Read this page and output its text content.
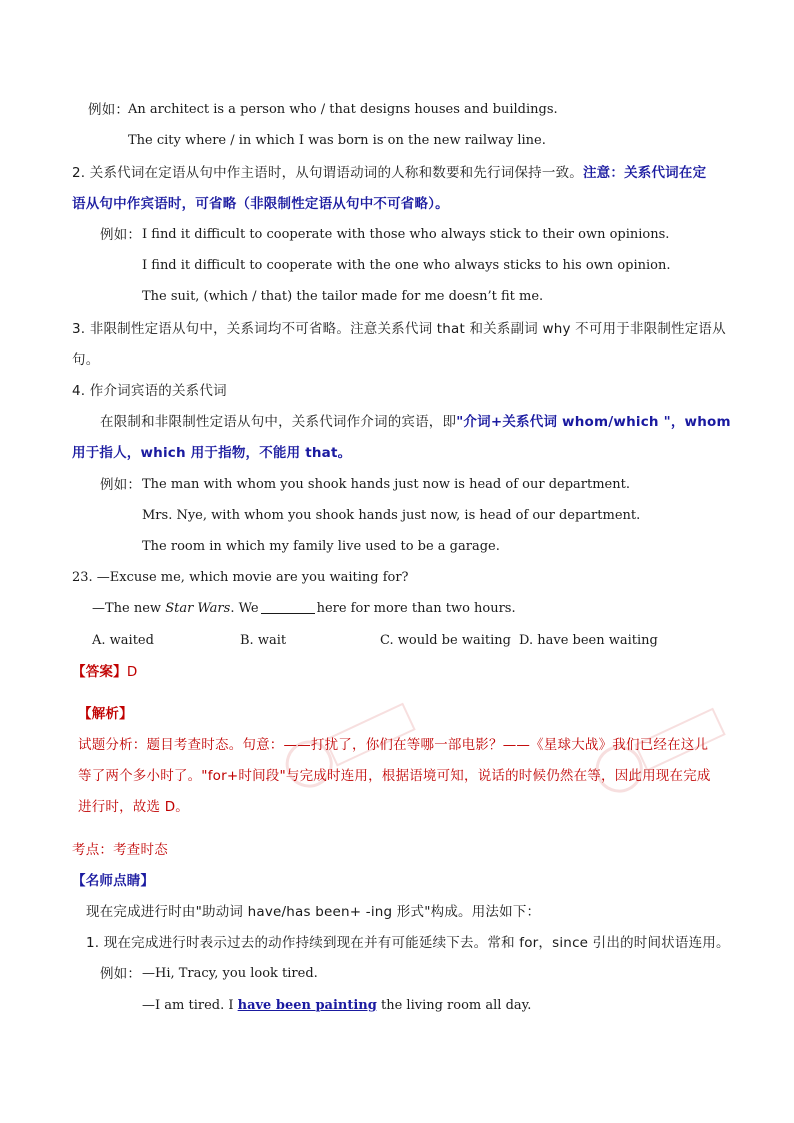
例如：
An architect is a person who / that designs houses and buildings.
The city where / in which I was born is on the new railway line.
2. 关系代词在定语从句中作主语时，从句谓语动词的人称和数要和先行词保持一致。注意：关系代词在定
语从句中作宾语时，可省略（非限制性定语从句中不可省略）。
例如： I find it difficult to cooperate with those who always stick to their own opinions.
I find it difficult to cooperate with the one who always sticks to his own opinion.
The suit, (which / that) the tailor made for me doesn’t fit me.
3. 非限制性定语从句中，关系词均不可省略。注意关系代词 that 和关系副词 why 不可用于非限制性定语从
句。
4. 作介词宾语的关系代词
在限制和非限制性定语从句中，关系代词作介词的宾语，即"介词+关系代词 whom/which "，whom
用于指人，which 用于指物，不能用 that。
例如： The man with whom you shook hands just now is head of our department.
Mrs. Nye, with whom you shook hands just now, is head of our department.
The room in which my family live used to be a garage.
23. —Excuse me, which movie are you waiting for?
—The new Star Wars. We	here for more than two hours.
A. waited	B. wait	C. would be waiting D. have been waiting
【答案】D
【解析】
试题分析：题目考查时态。句意：——打扰了，你们在等哪一部电影？——《星球大战》我们已经在这儿
等了两个多小时了。"for+时间段"与完成时连用，根据语境可知，说话的时候仍然在等，因此用现在完成
进行时，故选 D。
考点：考查时态
【名师点睛】
现在完成进行时由"助动词 have/has been+ -ing 形式"构成。用法如下：
1. 现在完成进行时表示过去的动作持续到现在并有可能延续下去。常和 for，since 引出的时间状语连用。
例如： —Hi, Tracy, you look tired.
—I am tired. I have been painting the living room all day.
